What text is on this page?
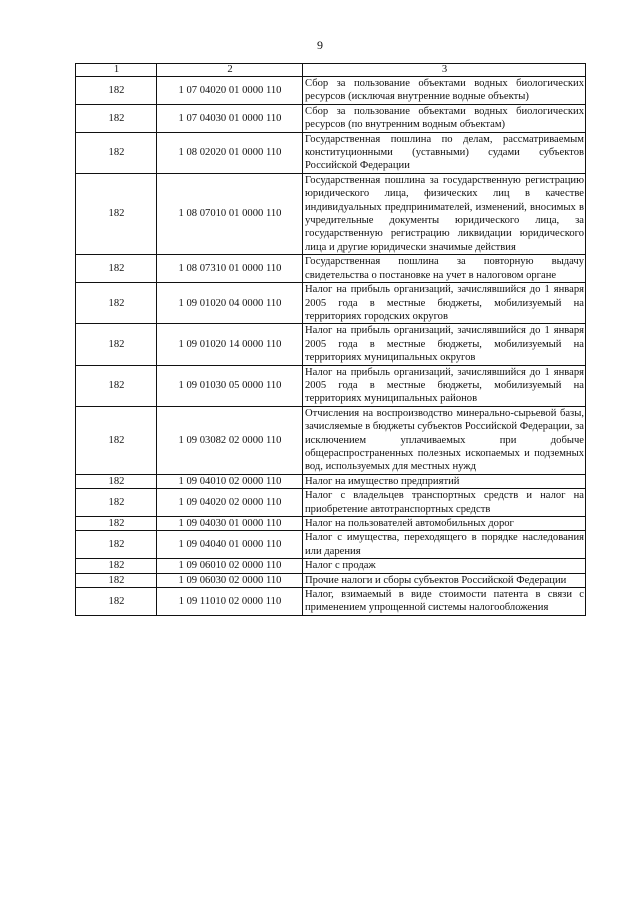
9
1	2	3
182	1 07 04020 01 0000 110	Сбор за пользование объектами водных биологических ресурсов (исключая внутренние водные объекты)
182	1 07 04030 01 0000 110	Сбор за пользование объектами водных биологических ресурсов (по внутренним водным объектам)
182	1 08 02020 01 0000 110	Государственная пошлина по делам, рассматриваемым конституционными (уставными) судами субъектов Российской Федерации
182	1 08 07010 01 0000 110	Государственная пошлина за государственную регистрацию юридического лица, физических лиц в качестве индивидуальных предпринимателей, изменений, вносимых в учредительные документы юридического лица, за государственную регистрацию ликвидации юридического лица и другие юридически значимые действия
182	1 08 07310 01 0000 110	Государственная пошлина за повторную выдачу свидетельства о постановке на учет в налоговом органе
182	1 09 01020 04 0000 110	Налог на прибыль организаций, зачислявшийся до 1 января 2005 года в местные бюджеты, мобилизуемый на территориях городских округов
182	1 09 01020 14 0000 110	Налог на прибыль организаций, зачислявшийся до 1 января 2005 года в местные бюджеты, мобилизуемый на территориях муниципальных округов
182	1 09 01030 05 0000 110	Налог на прибыль организаций, зачислявшийся до 1 января 2005 года в местные бюджеты, мобилизуемый на территориях муниципальных районов
182	1 09 03082 02 0000 110	Отчисления на воспроизводство минерально-сырьевой базы, зачисляемые в бюджеты субъектов Российской Федерации, за исключением уплачиваемых при добыче общераспространенных полезных ископаемых и подземных вод, используемых для местных нужд
182	1 09 04010 02 0000 110	Налог на имущество предприятий
182	1 09 04020 02 0000 110	Налог с владельцев транспортных средств и налог на приобретение автотранспортных средств
182	1 09 04030 01 0000 110	Налог на пользователей автомобильных дорог
182	1 09 04040 01 0000 110	Налог с имущества, переходящего в порядке наследования или дарения
182	1 09 06010 02 0000 110	Налог с продаж
182	1 09 06030 02 0000 110	Прочие налоги и сборы субъектов Российской Федерации
182	1 09 11010 02 0000 110	Налог, взимаемый в виде стоимости патента в связи с применением упрощенной системы налогообложения
